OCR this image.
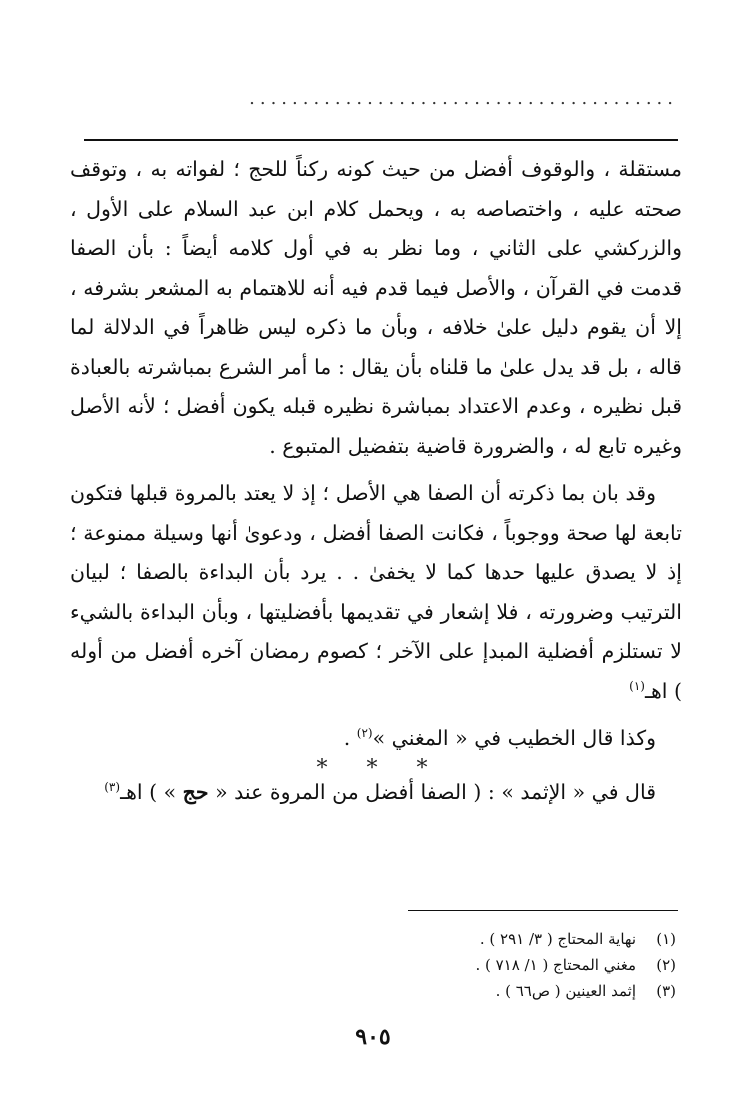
........................................

مستقلة ، والوقوف أفضل من حيث كونه ركناً للحج ؛ لفواته به ، وتوقف صحته عليه ، واختصاصه به ، ويحمل كلام ابن عبد السلام على الأول ، والزركشي على الثاني ، وما نظر به في أول كلامه أيضاً : بأن الصفا قدمت في القرآن ، والأصل فيما قدم فيه أنه للاهتمام به المشعر بشرفه ، إلا أن يقوم دليل علىٰ خلافه ، وبأن ما ذكره ليس ظاهراً في الدلالة لما قاله ، بل قد يدل علىٰ ما قلناه بأن يقال : ما أمر الشرع بمباشرته بالعبادة قبل نظيره ، وعدم الاعتداد بمباشرة نظيره قبله يكون أفضل ؛ لأنه الأصل وغيره تابع له ، والضرورة قاضية بتفضيل المتبوع .

وقد بان بما ذكرته أن الصفا هي الأصل ؛ إذ لا يعتد بالمروة قبلها فتكون تابعة لها صحة ووجوباً ، فكانت الصفا أفضل ، ودعوىٰ أنها وسيلة ممنوعة ؛ إذ لا يصدق عليها حدها كما لا يخفىٰ . . يرد بأن البداءة بالصفا ؛ لبيان الترتيب وضرورته ، فلا إشعار في تقديمها بأفضليتها ، وبأن البداءة بالشيء لا تستلزم أفضلية المبدإ على الآخر ؛ كصوم رمضان آخره أفضل من أوله ) اهـ$^{(١)}$

وكذا قال الخطيب في « المغني »$^{(٢)}$ .

قال في « الإثمد » : ( الصفا أفضل من المروة عند « حج » ) اهـ$^{(٣)}$

* * *
(١)نهاية المحتاج ( ٣/ ٢٩١ ) .
(٢)مغني المحتاج ( ١/ ٧١٨ ) .
(٣)إثمد العينين ( ص٦٦ ) .
٩٠٥
